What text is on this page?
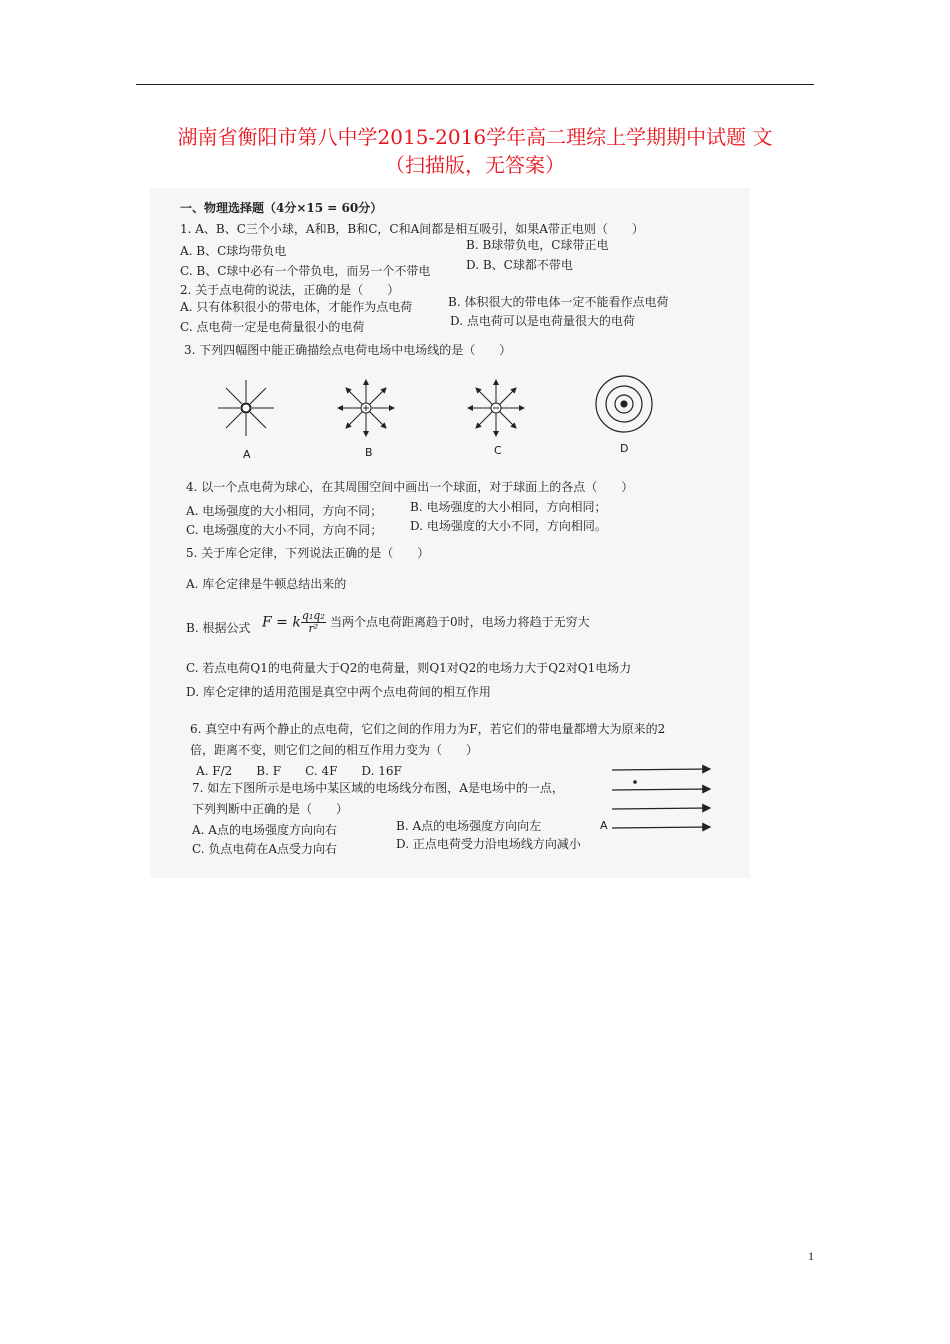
湖南省衡阳市第八中学2015-2016学年高二理综上学期期中试题 文
（扫描版，无答案）
一、物理选择题（4分×15 = 60分）
1. A、B、C三个小球，A和B，B和C，C和A间都是相互吸引，如果A带正电则（　　）
A. B、C球均带负电	B. B球带负电，C球带正电
C. B、C球中必有一个带负电，而另一个不带电	D. B、C球都不带电
2. 关于点电荷的说法，正确的是（　　）
A. 只有体积很小的带电体，才能作为点电荷	B. 体积很大的带电体一定不能看作点电荷
C. 点电荷一定是电荷量很小的电荷	D. 点电荷可以是电荷量很大的电荷
3. 下列四幅图中能正确描绘点电荷电场中电场线的是（　　）
A	B	C	D
4. 以一个点电荷为球心，在其周围空间中画出一个球面，对于球面上的各点（　　）
A. 电场强度的大小相同，方向不同； B. 电场强度的大小相同，方向相同；
C. 电场强度的大小不同，方向不同； D. 电场强度的大小不同，方向相同。
5. 关于库仑定律，下列说法正确的是（　　）
A. 库仑定律是牛顿总结出来的
B. 根据公式 F = k $\frac{\text{q₁q₂}}{\text{r²}}$ 当两个点电荷距离趋于0时，电场力将趋于无穷大
C. 若点电荷Q1的电荷量大于Q2的电荷量，则Q1对Q2的电场力大于Q2对Q1电场力
D. 库仑定律的适用范围是真空中两个点电荷间的相互作用
6. 真空中有两个静止的点电荷，它们之间的作用力为F，若它们的带电量都增大为原来的2
倍，距离不变，则它们之间的相互作用力变为（　　）
A. F/2　　B. F　　C. 4F　　D. 16F
7. 如左下图所示是电场中某区域的电场线分布图，A是电场中的一点，
下列判断中正确的是（　　）
A. A点的电场强度方向向右	B. A点的电场强度方向向左
C. 负点电荷在A点受力向右	D. 正点电荷受力沿电场线方向减小
A
1
